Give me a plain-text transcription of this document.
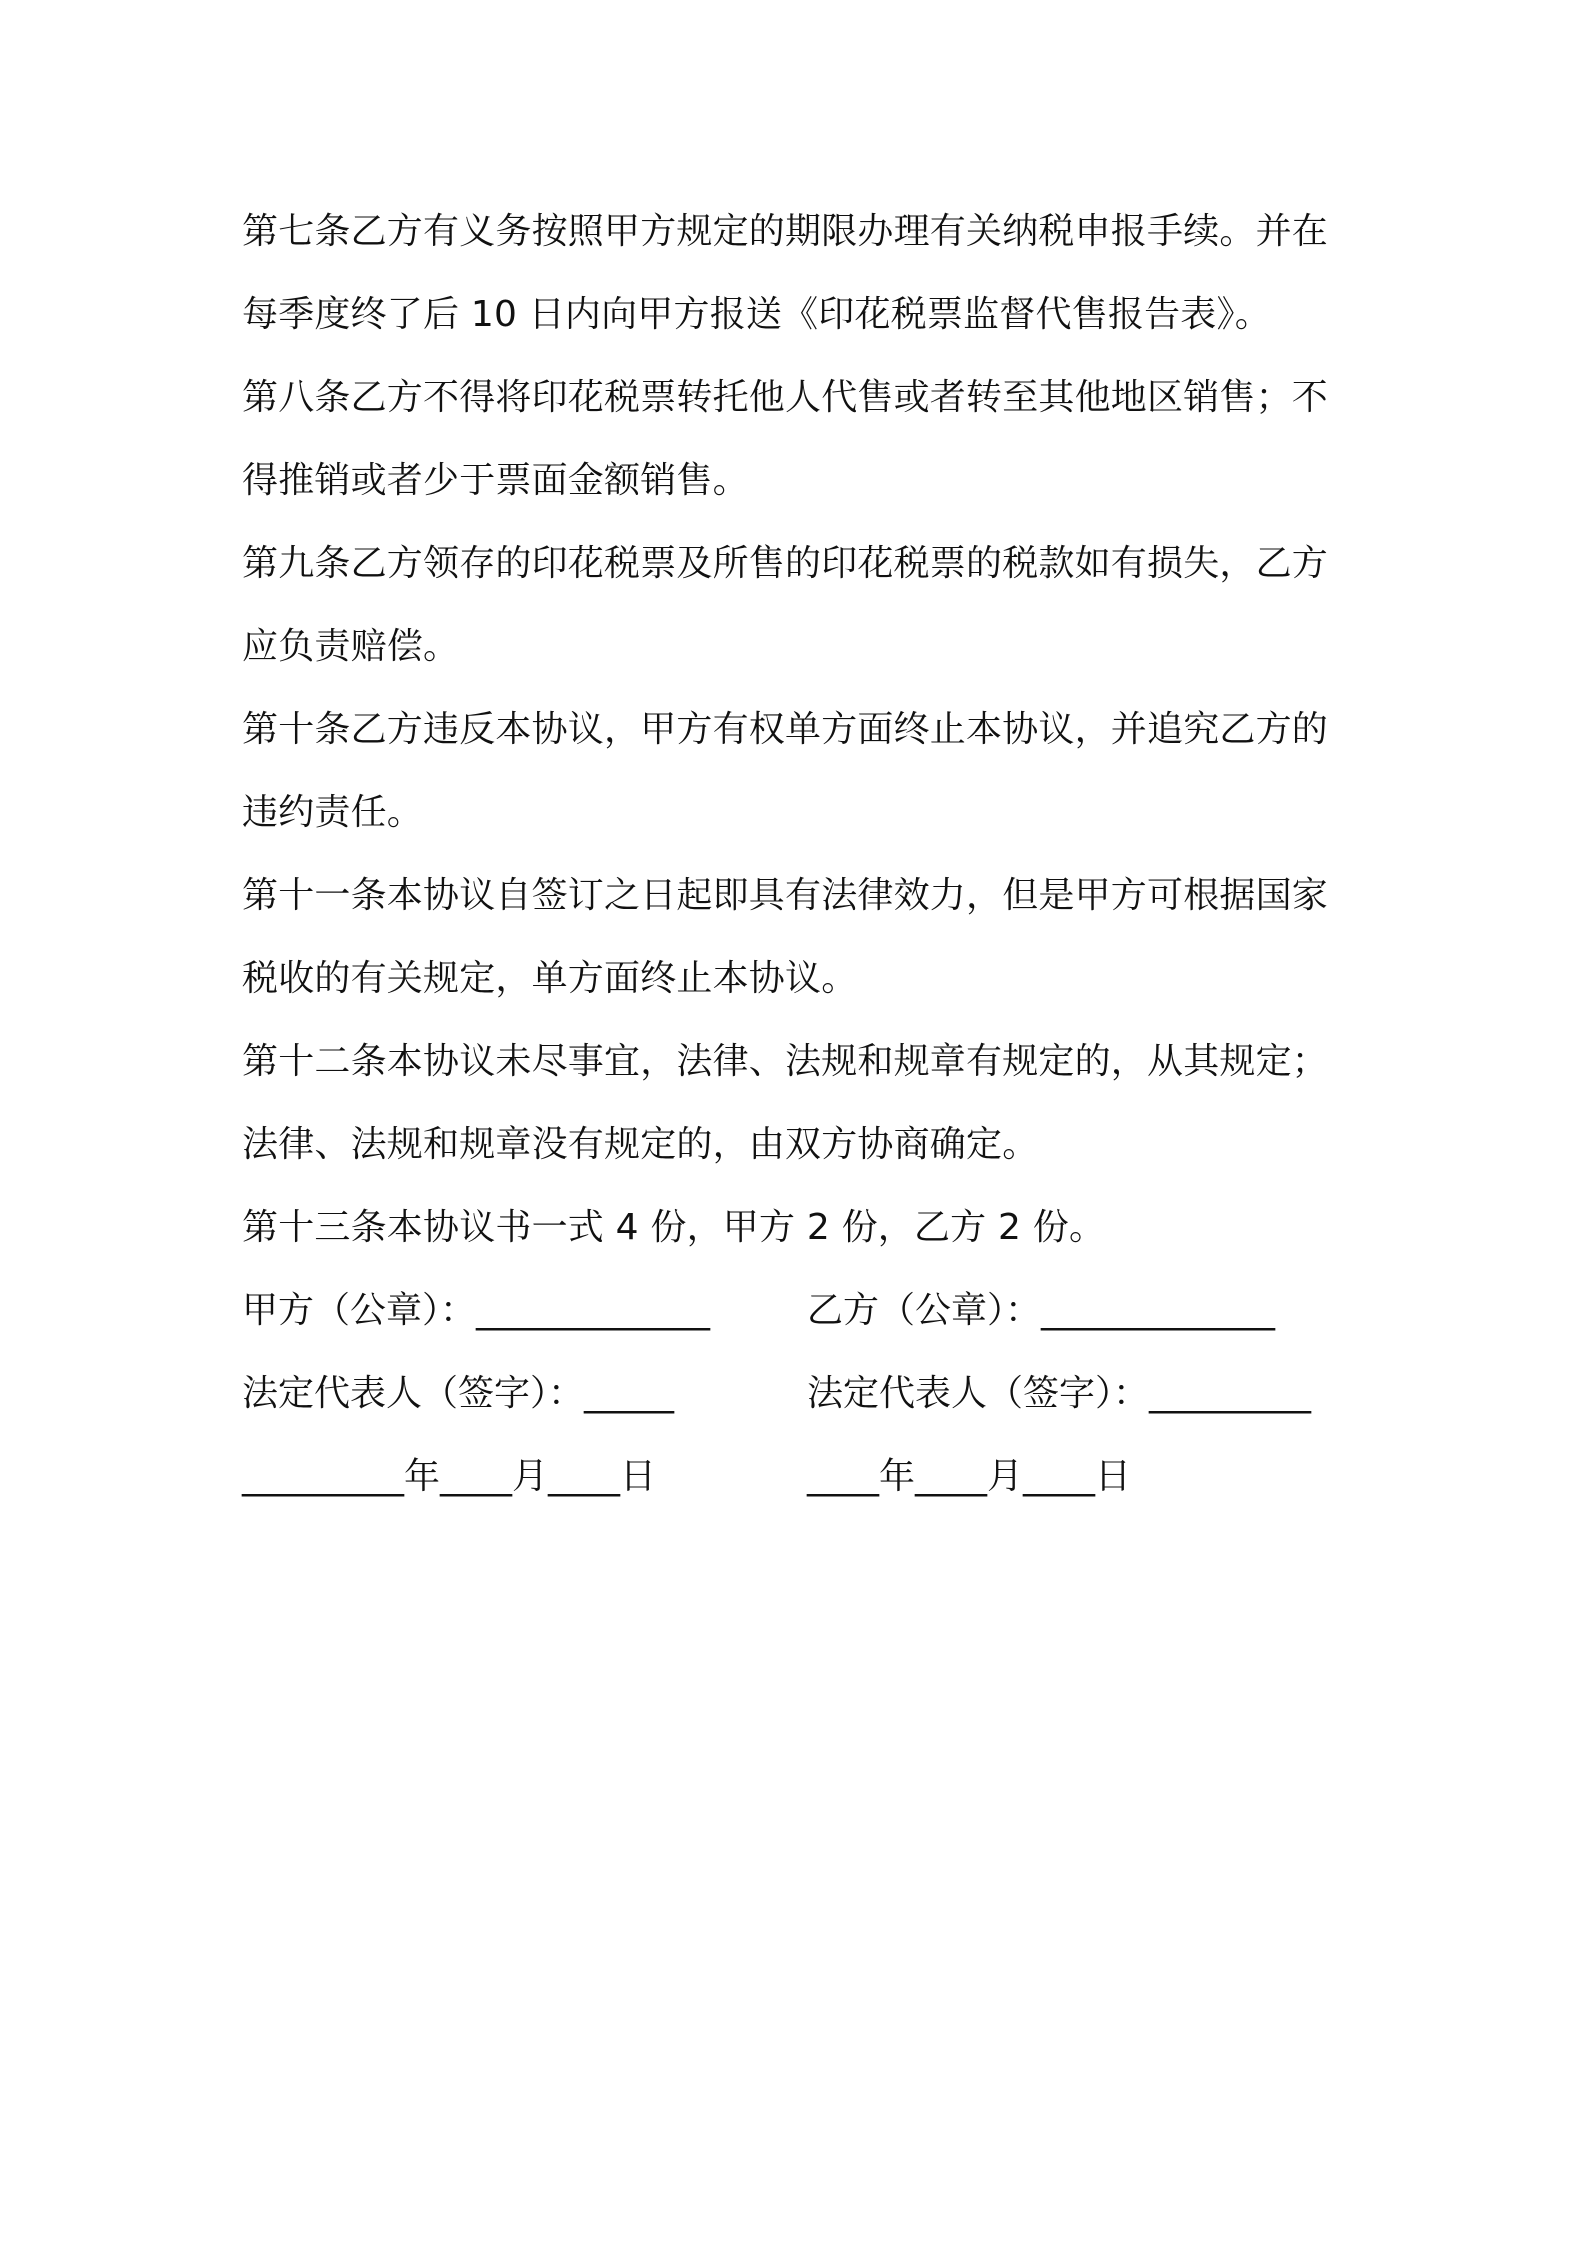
第七条乙方有义务按照甲方规定的期限办理有关纳税申报手续。并在
每季度终了后 10 日内向甲方报送《印花税票监督代售报告表》。
第八条乙方不得将印花税票转托他人代售或者转至其他地区销售；不
得推销或者少于票面金额销售。
第九条乙方领存的印花税票及所售的印花税票的税款如有损失，乙方
应负责赔偿。
第十条乙方违反本协议，甲方有权单方面终止本协议，并追究乙方的
违约责任。
第十一条本协议自签订之日起即具有法律效力，但是甲方可根据国家
税收的有关规定，单方面终止本协议。
第十二条本协议未尽事宜，法律、法规和规章有规定的，从其规定；
法律、法规和规章没有规定的，由双方协商确定。
第十三条本协议书一式 4 份，甲方 2 份，乙方 2 份。
甲方（公章）：_____________	乙方（公章）：_____________
法定代表人（签字）：_____	法定代表人（签字）：_________
_________年____月____日	____年____月____日
